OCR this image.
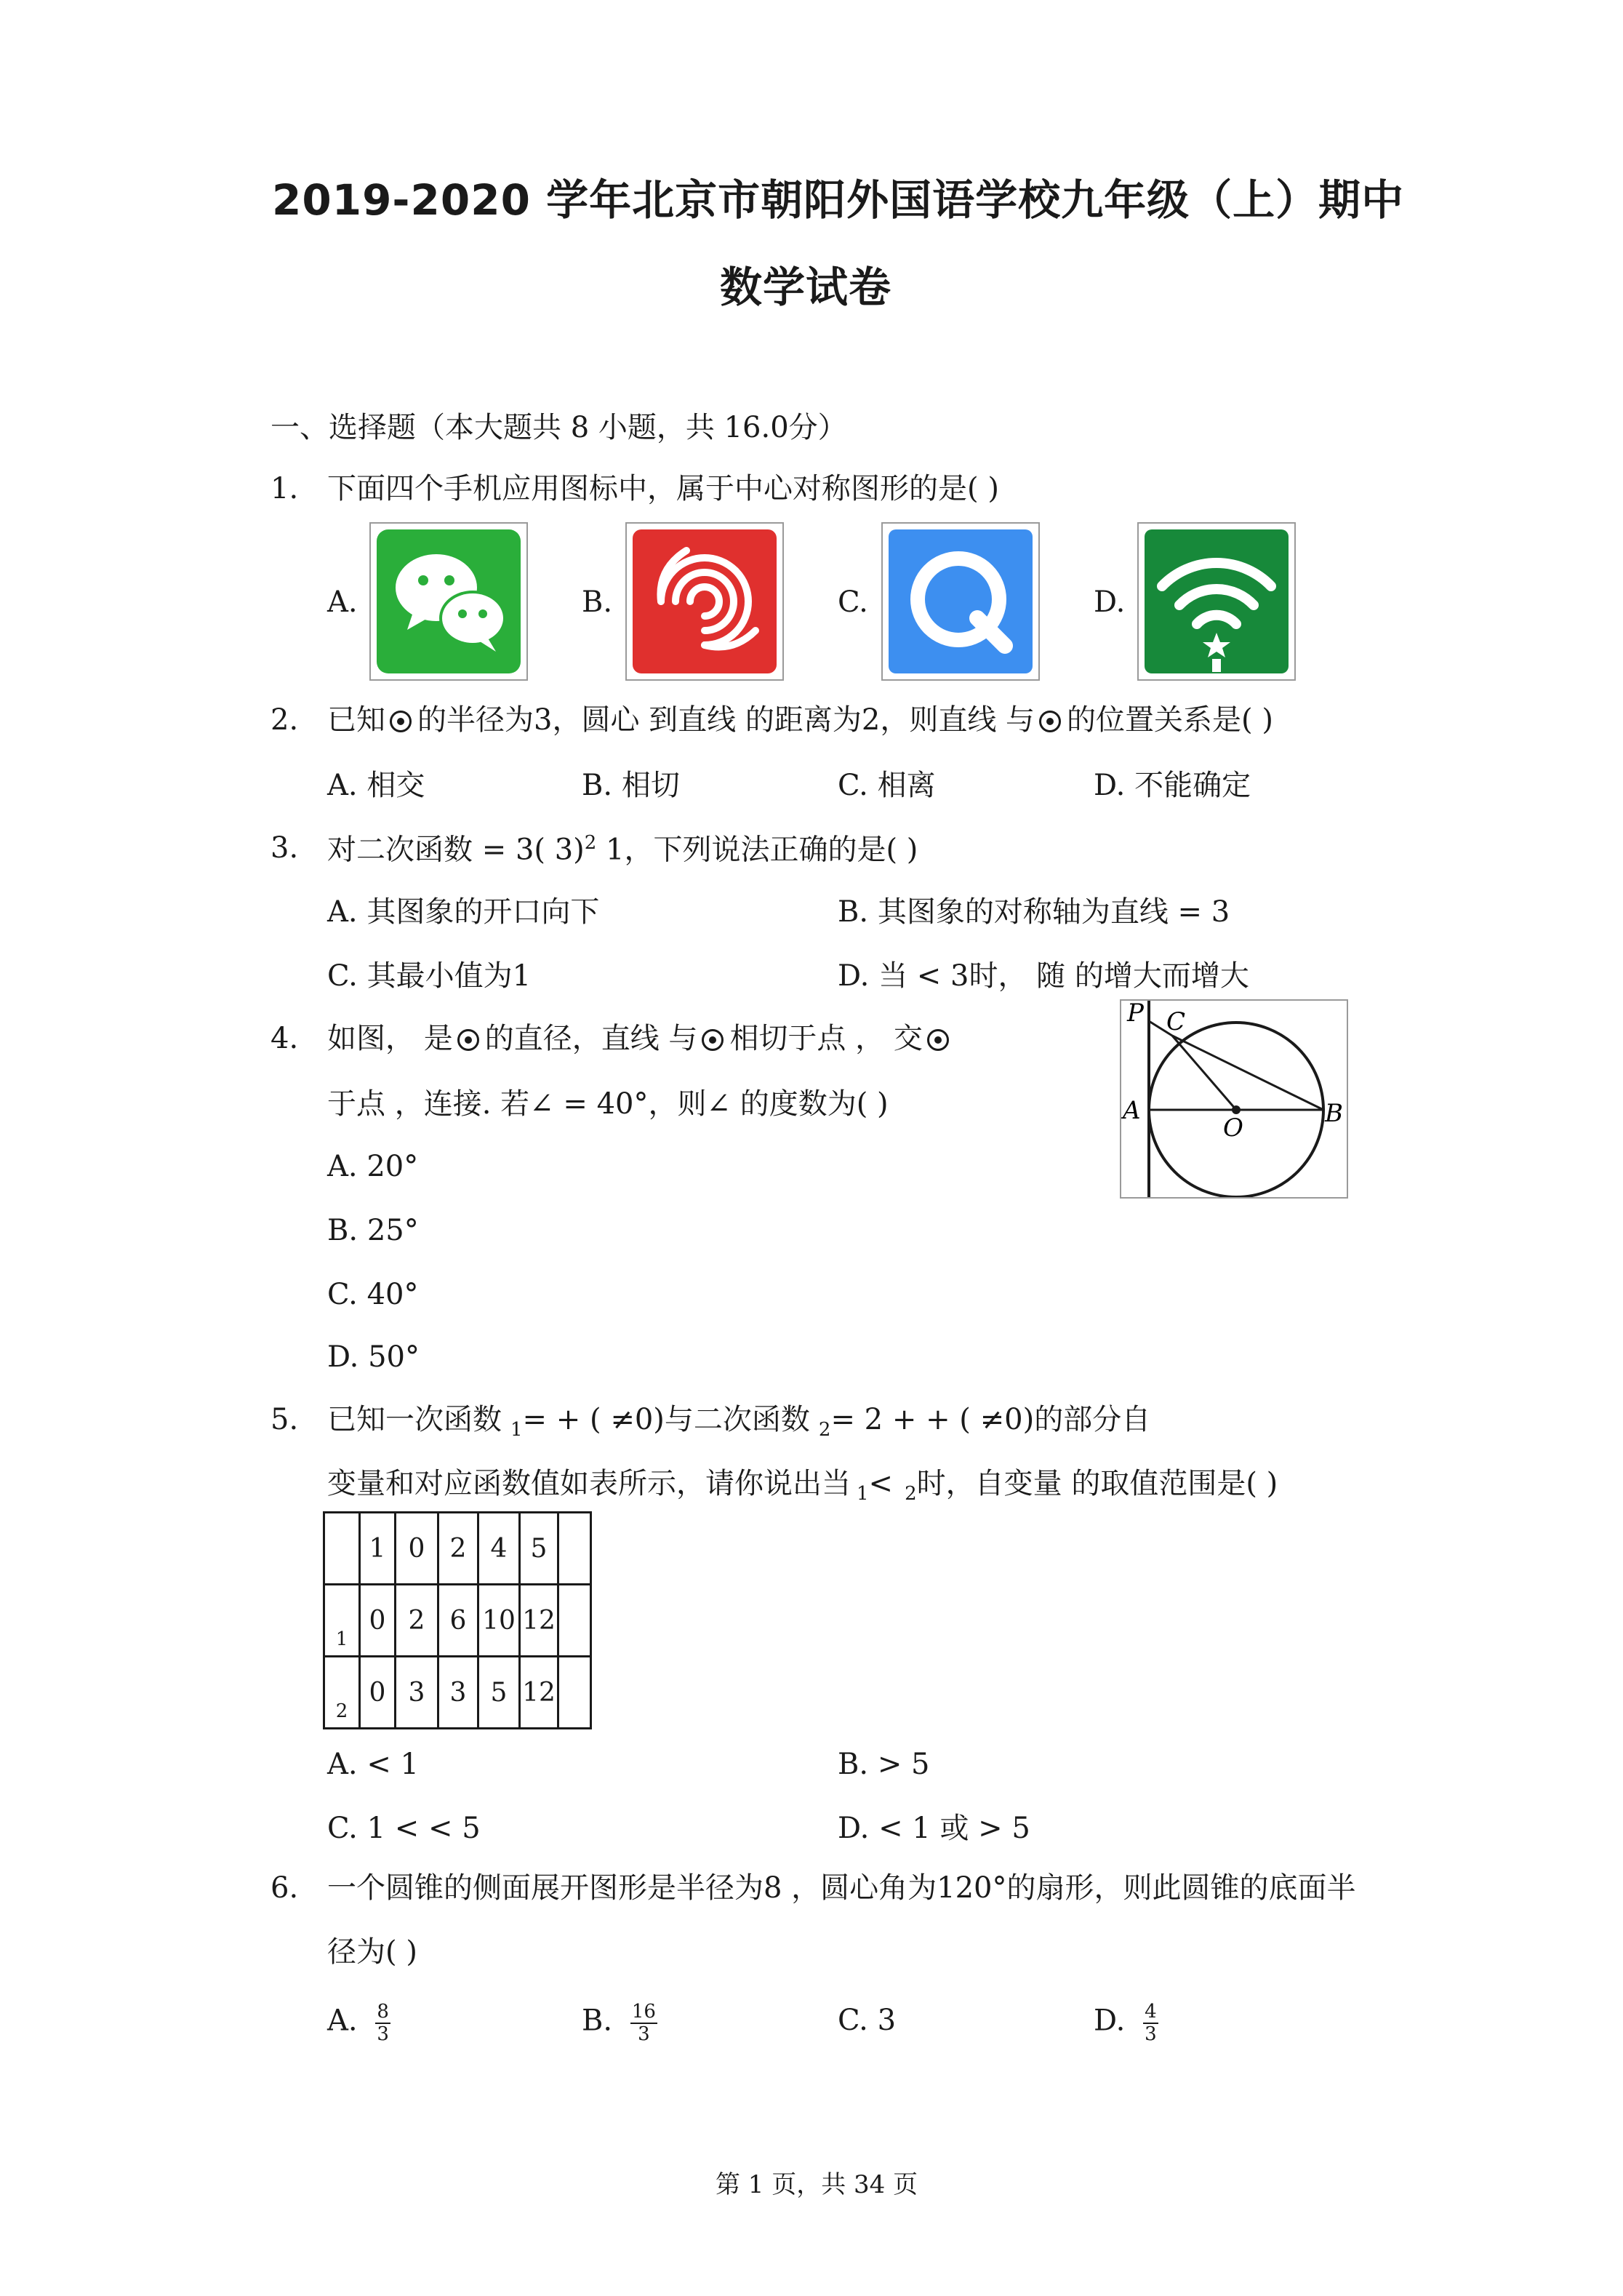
2019-2020 学年北京市朝阳外国语学校九年级（上）期中
数学试卷
一、选择题（本大题共 8 小题，共 16.0分）
1. 下面四个手机应用图标中，属于中心对称图形的是( )
A.	B.	C.	D.
2. 已知 的半径为3，圆心 到直线 的距离为2，则直线 与 的位置关系是( )
A. 相交	B. 相切	C. 相离	D. 不能确定
3. 对二次函数 = 3( 3)$^2$ 1，下列说法正确的是( )
A. 其图象的开口向下	B. 其图象的对称轴为直线 = 3
C. 其最小值为1	D. 当 < 3时， 随 的增大而增大
4. 如图， 是 的直径，直线 与 相切于点 ， 交
于点 ，连接. 若∠ = 40°，则∠ 的度数为( )
A. 20°
B. 25°
C. 40°
D. 50°
P C
A
O	B
5. 已知一次函数 $_1$= + ( ≠0)与二次函数 $_2$= 2 + + ( ≠0)的部分自
变量和对应函数值如表所示，请你说出当 $_1$< $_2$时，自变量 的取值范围是( )
	1	0	2	4	5	
$_1$	0	2	6	10	12	
$_2$	0	3	3	5	12	
A. < 1	B. > 5
C. 1 < < 5	D. < 1 或 > 5
6. 一个圆锥的侧面展开图形是半径为8 ，圆心角为120°的扇形，则此圆锥的底面半
径为( )
A. $\frac{8}{3}$	B. $\frac{16}{3}$	C. 3	D. $\frac{4}{3}$
第 1 页，共 34 页
